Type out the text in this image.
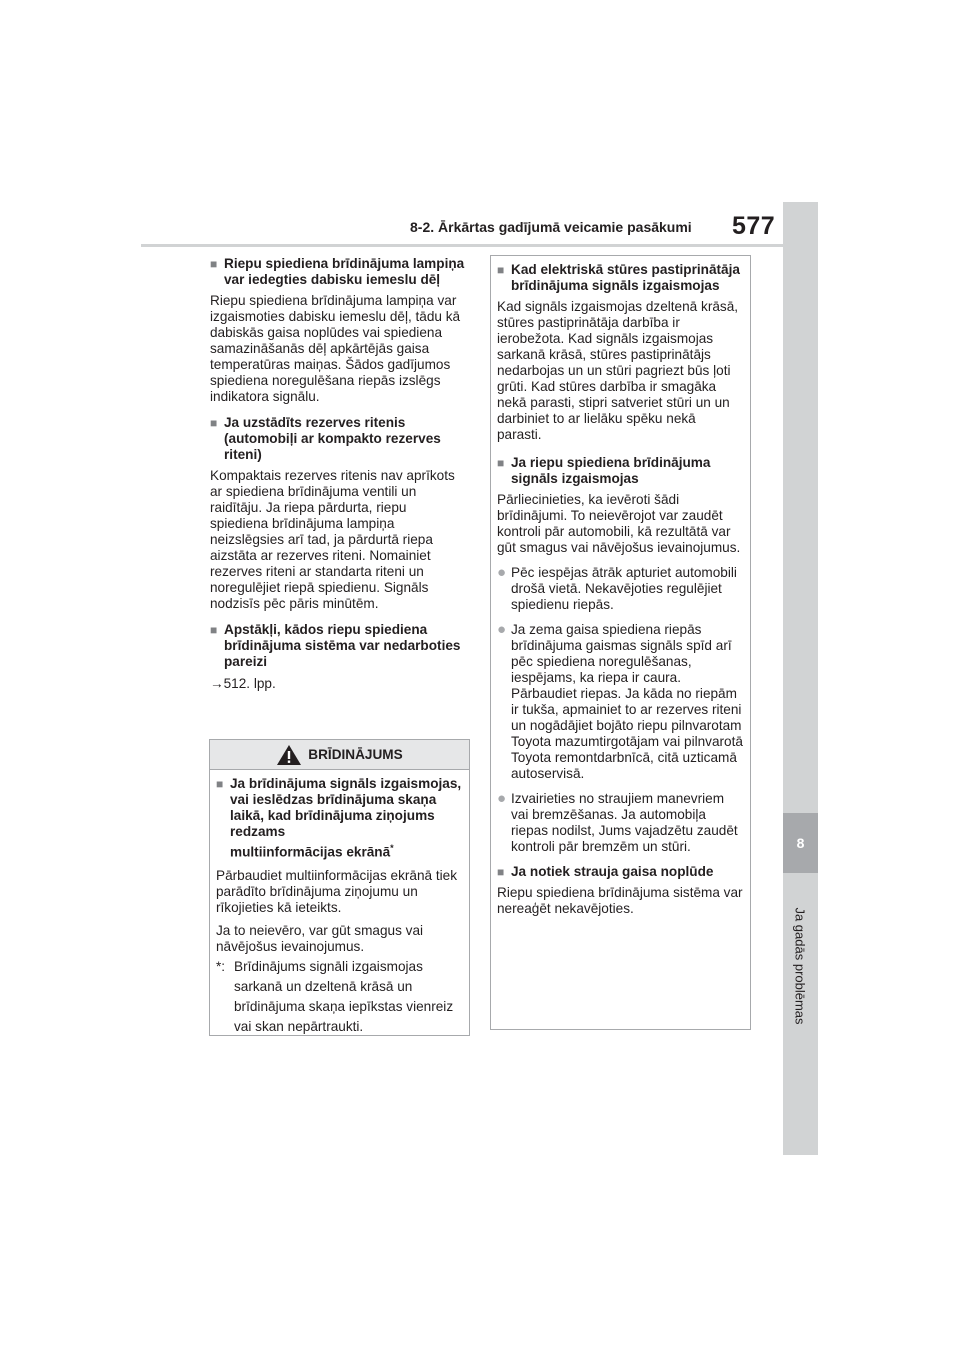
8-2. Ārkārtas gadījumā veicamie pasākumi 577
8
Ja gadās problēmas
■ Riepu spiediena brīdinājuma lampiņa var iedegties dabisku iemeslu dēļ

Riepu spiediena brīdinājuma lampiņa var izgaismoties dabisku iemeslu dēļ, tādu kā dabiskās gaisa noplūdes vai spiediena samazināšanās dēļ apkārtējās gaisa temperatūras maiņas. Šādos gadījumos spiediena noregulēšana riepās izslēgs indikatora signālu.

■ Ja uzstādīts rezerves ritenis (automobiļi ar kompakto rezerves riteni)

Kompaktais rezerves ritenis nav aprīkots ar spiediena brīdinājuma ventili un raidītāju. Ja riepa pārdurta, riepu spiediena brīdinājuma lampiņa neizslēgsies arī tad, ja pārdurtā riepa aizstāta ar rezerves riteni. Nomainiet rezerves riteni ar standarta riteni un noregulējiet riepā spiedienu. Signāls nodzisīs pēc pāris minūtēm.

■ Apstākļi, kādos riepu spiediena brīdinājuma sistēma var nedarboties pareizi

→512. lpp.

BRĪDINĀJUMS
■ Ja brīdinājuma signāls izgaismojas, vai ieslēdzas brīdinājuma skaņa laikā, kad brīdinājuma ziņojums redzams
multiinformācijas ekrānā*

Pārbaudiet multiinformācijas ekrānā tiek parādīto brīdinājuma ziņojumu un rīkojieties kā ieteikts.

Ja to neievēro, var gūt smagus vai nāvējošus ievainojumus.

*: Brīdinājums signāli izgaismojas sarkanā un dzeltenā krāsā un brīdinājuma skaņa iepīkstas vienreiz vai skan nepārtraukti.
■ Kad elektriskā stūres pastiprinātāja brīdinājuma signāls izgaismojas

Kad signāls izgaismojas dzeltenā krāsā, stūres pastiprinātāja darbība ir ierobežota. Kad signāls izgaismojas sarkanā krāsā, stūres pastiprinātājs nedarbojas un un stūri pagriezt būs ļoti grūti. Kad stūres darbība ir smagāka nekā parasti, stipri satveriet stūri un un darbiniet to ar lielāku spēku nekā parasti.

■ Ja riepu spiediena brīdinājuma signāls izgaismojas

Pārliecinieties, ka ievēroti šādi brīdinājumi. To neievērojot var zaudēt kontroli pār automobili, kā rezultātā var gūt smagus vai nāvējošus ievainojumus.

● Pēc iespējas ātrāk apturiet automobili drošā vietā. Nekavējoties regulējiet spiedienu riepās.
● Ja zema gaisa spiediena riepās brīdinājuma gaismas signāls spīd arī pēc spiediena noregulēšanas, iespējams, ka riepa ir caura. Pārbaudiet riepas. Ja kāda no riepām ir tukša, apmainiet to ar rezerves riteni un nogādājiet bojāto riepu pilnvarotam Toyota mazumtirgotājam vai pilnvarotā Toyota remontdarbnīcā, citā uzticamā autoservisā.
● Izvairieties no straujiem manevriem vai bremzēšanas. Ja automobiļa riepas nodilst, Jums vajadzētu zaudēt kontroli pār bremzēm un stūri.
■ Ja notiek strauja gaisa noplūde

Riepu spiediena brīdinājuma sistēma var nereaģēt nekavējoties.
